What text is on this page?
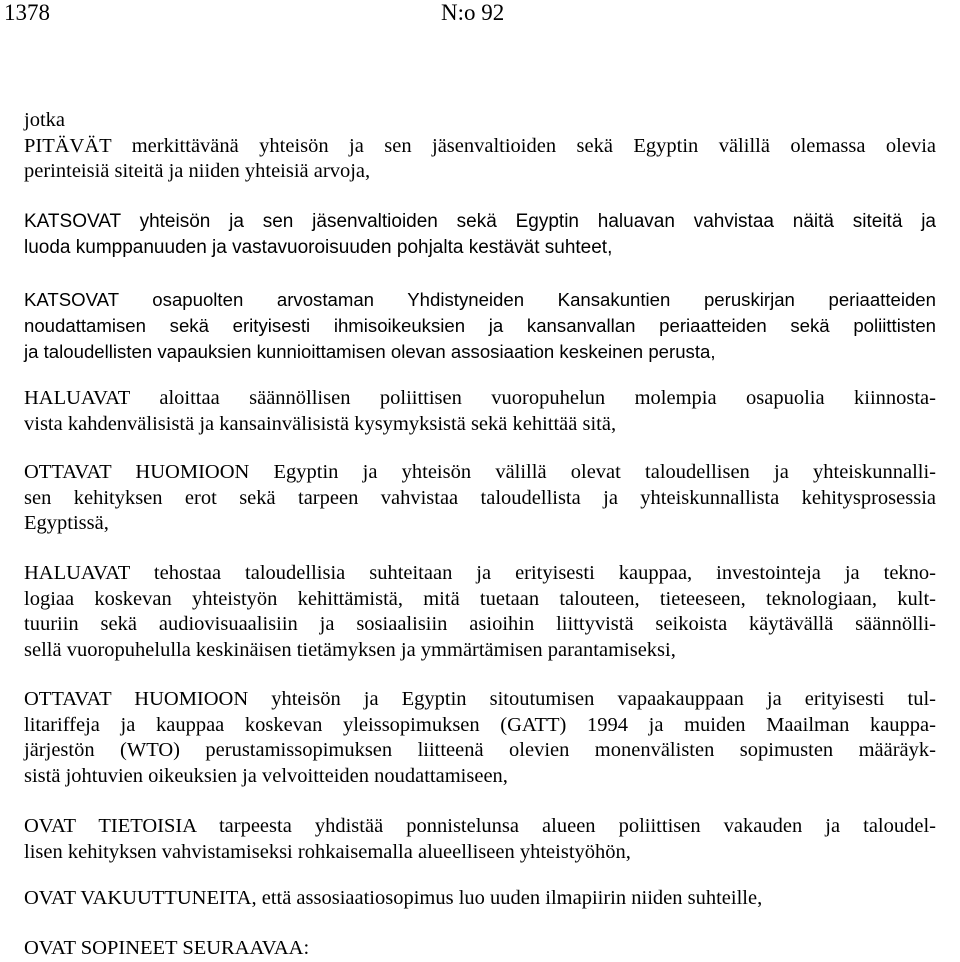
1378	N:o 92
jotka
PITÄVÄT merkittävänä yhteisön ja sen jäsenvaltioiden sekä Egyptin välillä olemassa olevia
perinteisiä siteitä ja niiden yhteisiä arvoja,
KATSOVAT yhteisön ja sen jäsenvaltioiden sekä Egyptin haluavan vahvistaa näitä siteitä ja
luoda kumppanuuden ja vastavuoroisuuden pohjalta kestävät suhteet,
KATSOVAT osapuolten arvostaman Yhdistyneiden Kansakuntien peruskirjan periaatteiden
noudattamisen sekä erityisesti ihmisoikeuksien ja kansanvallan periaatteiden sekä poliittisten
ja taloudellisten vapauksien kunnioittamisen olevan assosiaation keskeinen perusta,
HALUAVAT aloittaa säännöllisen poliittisen vuoropuhelun molempia osapuolia kiinnosta-
vista kahdenvälisistä ja kansainvälisistä kysymyksistä sekä kehittää sitä,
OTTAVAT HUOMIOON Egyptin ja yhteisön välillä olevat taloudellisen ja yhteiskunnalli-
sen kehityksen erot sekä tarpeen vahvistaa taloudellista ja yhteiskunnallista kehitysprosessia
Egyptissä,
HALUAVAT tehostaa taloudellisia suhteitaan ja erityisesti kauppaa, investointeja ja tekno-
logiaa koskevan yhteistyön kehittämistä, mitä tuetaan talouteen, tieteeseen, teknologiaan, kult-
tuuriin sekä audiovisuaalisiin ja sosiaalisiin asioihin liittyvistä seikoista käytävällä säännölli-
sellä vuoropuhelulla keskinäisen tietämyksen ja ymmärtämisen parantamiseksi,
OTTAVAT HUOMIOON yhteisön ja Egyptin sitoutumisen vapaakauppaan ja erityisesti tul-
litariffeja ja kauppaa koskevan yleissopimuksen (GATT) 1994 ja muiden Maailman kauppa-
järjestön (WTO) perustamissopimuksen liitteenä olevien monenvälisten sopimusten määräyk-
sistä johtuvien oikeuksien ja velvoitteiden noudattamiseen,
OVAT TIETOISIA tarpeesta yhdistää ponnistelunsa alueen poliittisen vakauden ja taloudel-
lisen kehityksen vahvistamiseksi rohkaisemalla alueelliseen yhteistyöhön,
OVAT VAKUUTTUNEITA, että assosiaatiosopimus luo uuden ilmapiirin niiden suhteille,
OVAT SOPINEET SEURAAVAA:
